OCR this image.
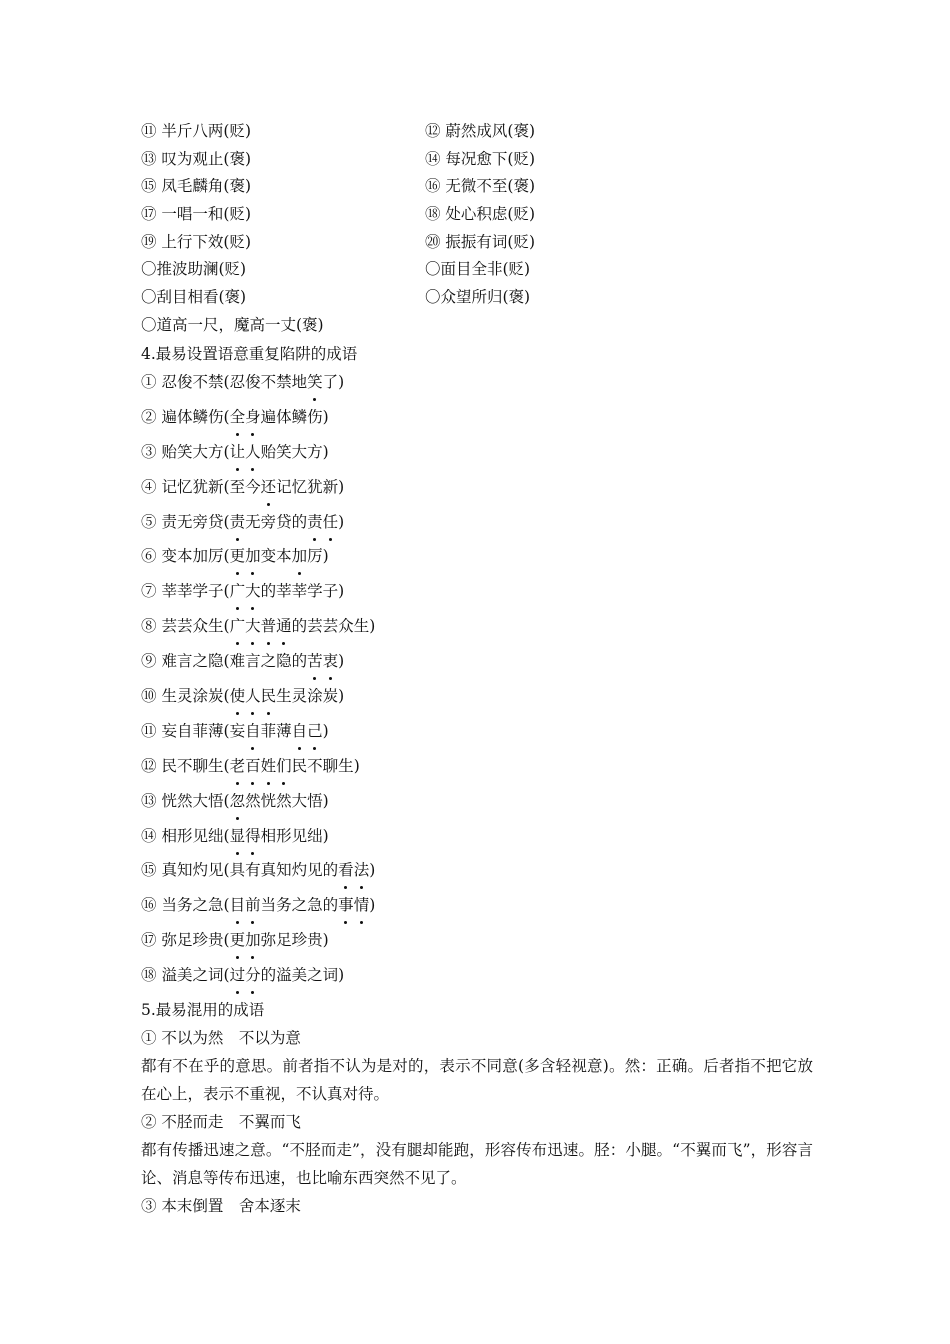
⑪ 半斤八两(贬)	⑫ 蔚然成风(褒)
⑬ 叹为观止(褒)	⑭ 每况愈下(贬)
⑮ 凤毛麟角(褒)	⑯ 无微不至(褒)
⑰ 一唱一和(贬)	⑱ 处心积虑(贬)
⑲ 上行下效(贬)	⑳ 振振有词(贬)
〇推波助澜(贬)	〇面目全非(贬)
〇刮目相看(褒)	〇众望所归(褒)
〇道高一尺，魔高一丈(褒)
4.最易设置语意重复陷阱的成语
① 忍俊不禁(忍俊不禁地笑了)
② 遍体鳞伤(全身遍体鳞伤)
③ 贻笑大方(让人贻笑大方)
④ 记忆犹新(至今还记忆犹新)
⑤ 责无旁贷(责无旁贷的责任)
⑥ 变本加厉(更加变本加厉)
⑦ 莘莘学子(广大的莘莘学子)
⑧ 芸芸众生(广大普通的芸芸众生)
⑨ 难言之隐(难言之隐的苦衷)
⑩ 生灵涂炭(使人民生灵涂炭)
⑪ 妄自菲薄(妄自菲薄自己)
⑫ 民不聊生(老百姓们民不聊生)
⑬ 恍然大悟(忽然恍然大悟)
⑭ 相形见绌(显得相形见绌)
⑮ 真知灼见(具有真知灼见的看法)
⑯ 当务之急(目前当务之急的事情)
⑰ 弥足珍贵(更加弥足珍贵)
⑱ 溢美之词(过分的溢美之词)

5.最易混用的成语

① 不以为然　不以为意

都有不在乎的意思。前者指不认为是对的，表示不同意(多含轻视意)。然：正确。后者指不把它放在心上，表示不重视，不认真对待。

② 不胫而走　不翼而飞

都有传播迅速之意。“不胫而走”，没有腿却能跑，形容传布迅速。胫：小腿。“不翼而飞”，形容言论、消息等传布迅速，也比喻东西突然不见了。

③ 本末倒置　舍本逐末
